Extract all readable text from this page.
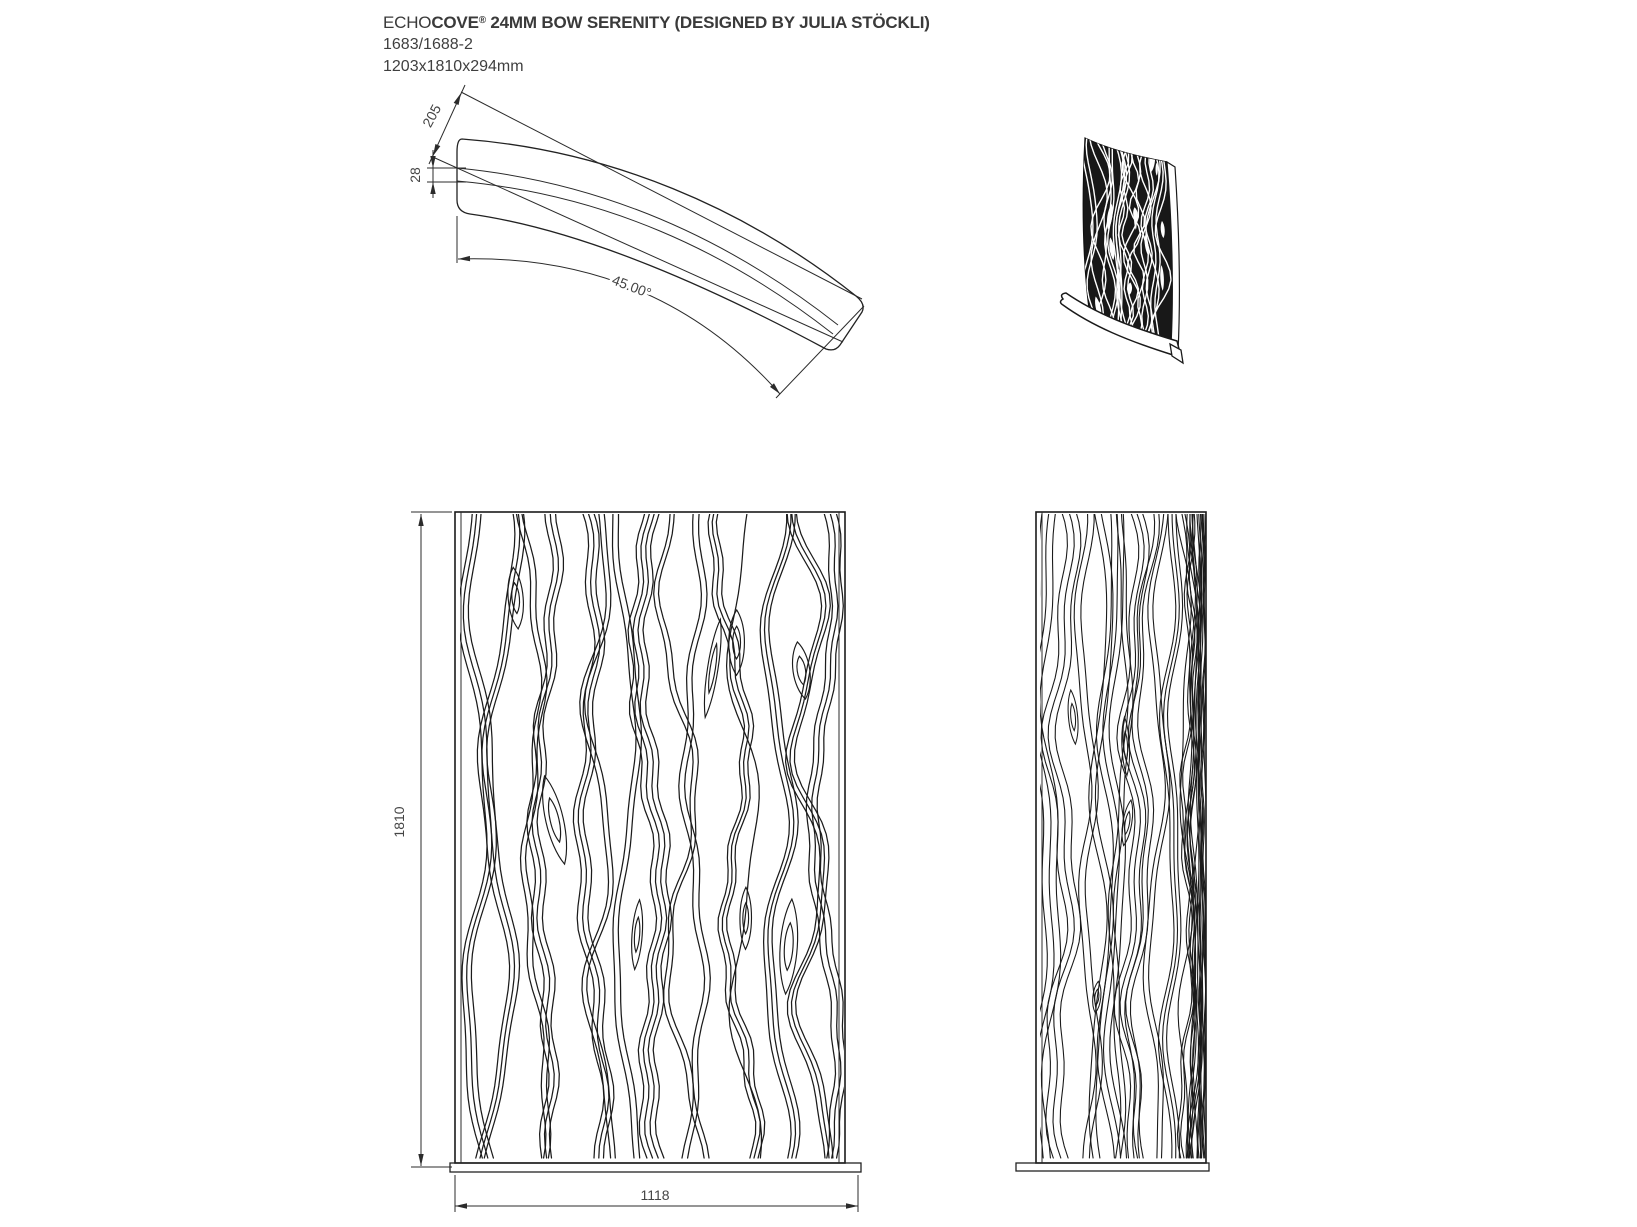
ECHOCOVE® 24MM BOW SERENITY (DESIGNED BY JULIA STÖCKLI)
1683/1688-2
1203x1810x294mm
205
28
45.00°
1810
1118
